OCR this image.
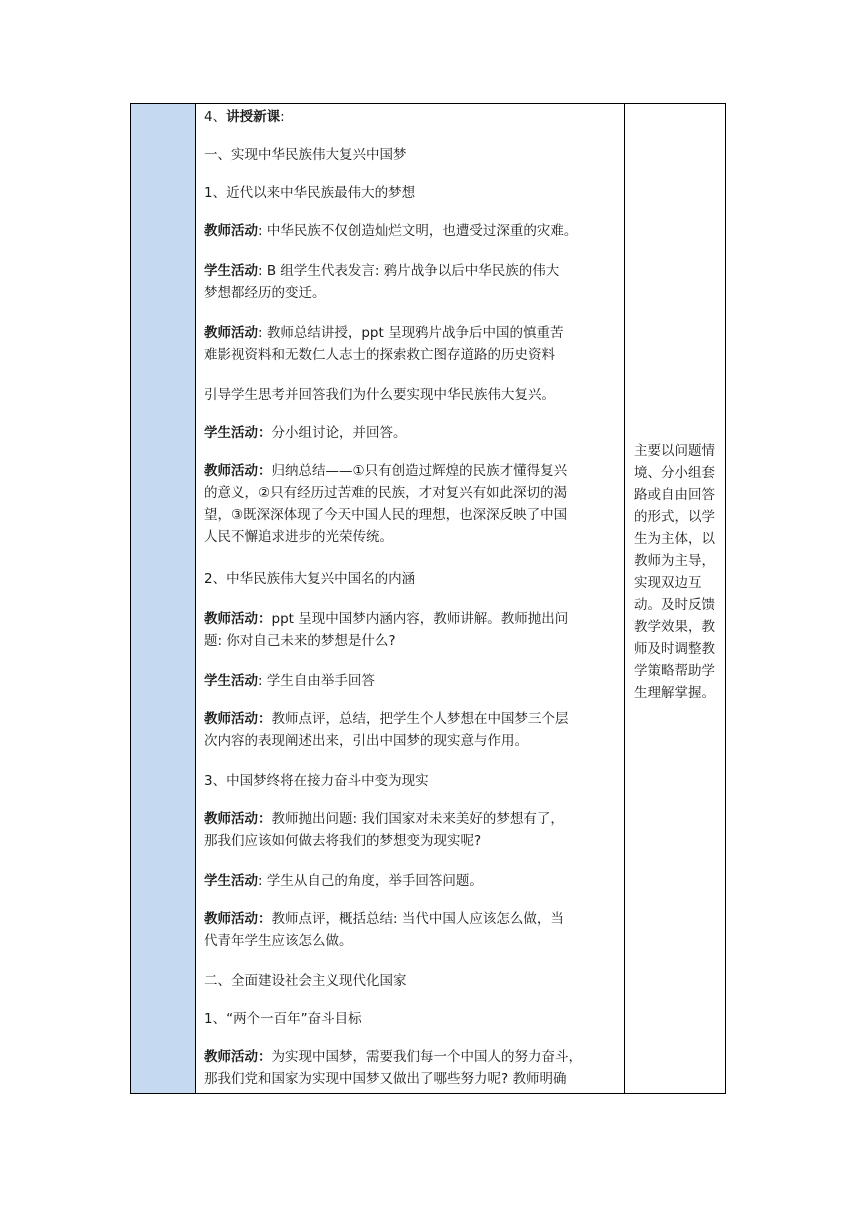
4、讲授新课:

一、实现中华民族伟大复兴中国梦

1、近代以来中华民族最伟大的梦想

教师活动: 中华民族不仅创造灿烂文明，也遭受过深重的灾难。

学生活动: B 组学生代表发言: 鸦片战争以后中华民族的伟大
梦想都经历的变迁。

教师活动: 教师总结讲授，ppt 呈现鸦片战争后中国的慎重苦
难影视资料和无数仁人志士的探索救亡图存道路的历史资料

引导学生思考并回答我们为什么要实现中华民族伟大复兴。

学生活动：分小组讨论，并回答。

教师活动：归纳总结——①只有创造过辉煌的民族才懂得复兴
的意义，②只有经历过苦难的民族，才对复兴有如此深切的渴
望，③既深深体现了今天中国人民的理想，也深深反映了中国
人民不懈追求进步的光荣传统。

2、中华民族伟大复兴中国名的内涵

教师活动：ppt 呈现中国梦内涵内容，教师讲解。教师抛出问
题: 你对自己未来的梦想是什么?

学生活动: 学生自由举手回答

教师活动：教师点评，总结，把学生个人梦想在中国梦三个层
次内容的表现阐述出来，引出中国梦的现实意与作用。

3、中国梦终将在接力奋斗中变为现实

教师活动：教师抛出问题: 我们国家对未来美好的梦想有了，
那我们应该如何做去将我们的梦想变为现实呢?

学生活动: 学生从自己的角度，举手回答问题。

教师活动：教师点评，概括总结: 当代中国人应该怎么做，当
代青年学生应该怎么做。

二、全面建设社会主义现代化国家

1、“两个一百年”奋斗目标

教师活动：为实现中国梦，需要我们每一个中国人的努力奋斗，
那我们党和国家为实现中国梦又做出了哪些努力呢? 教师明确

主要以问题情境、分小组套路或自由回答的形式，以学生为主体，以教师为主导，实现双边互动。及时反馈教学效果，教师及时调整教学策略帮助学生理解掌握。
